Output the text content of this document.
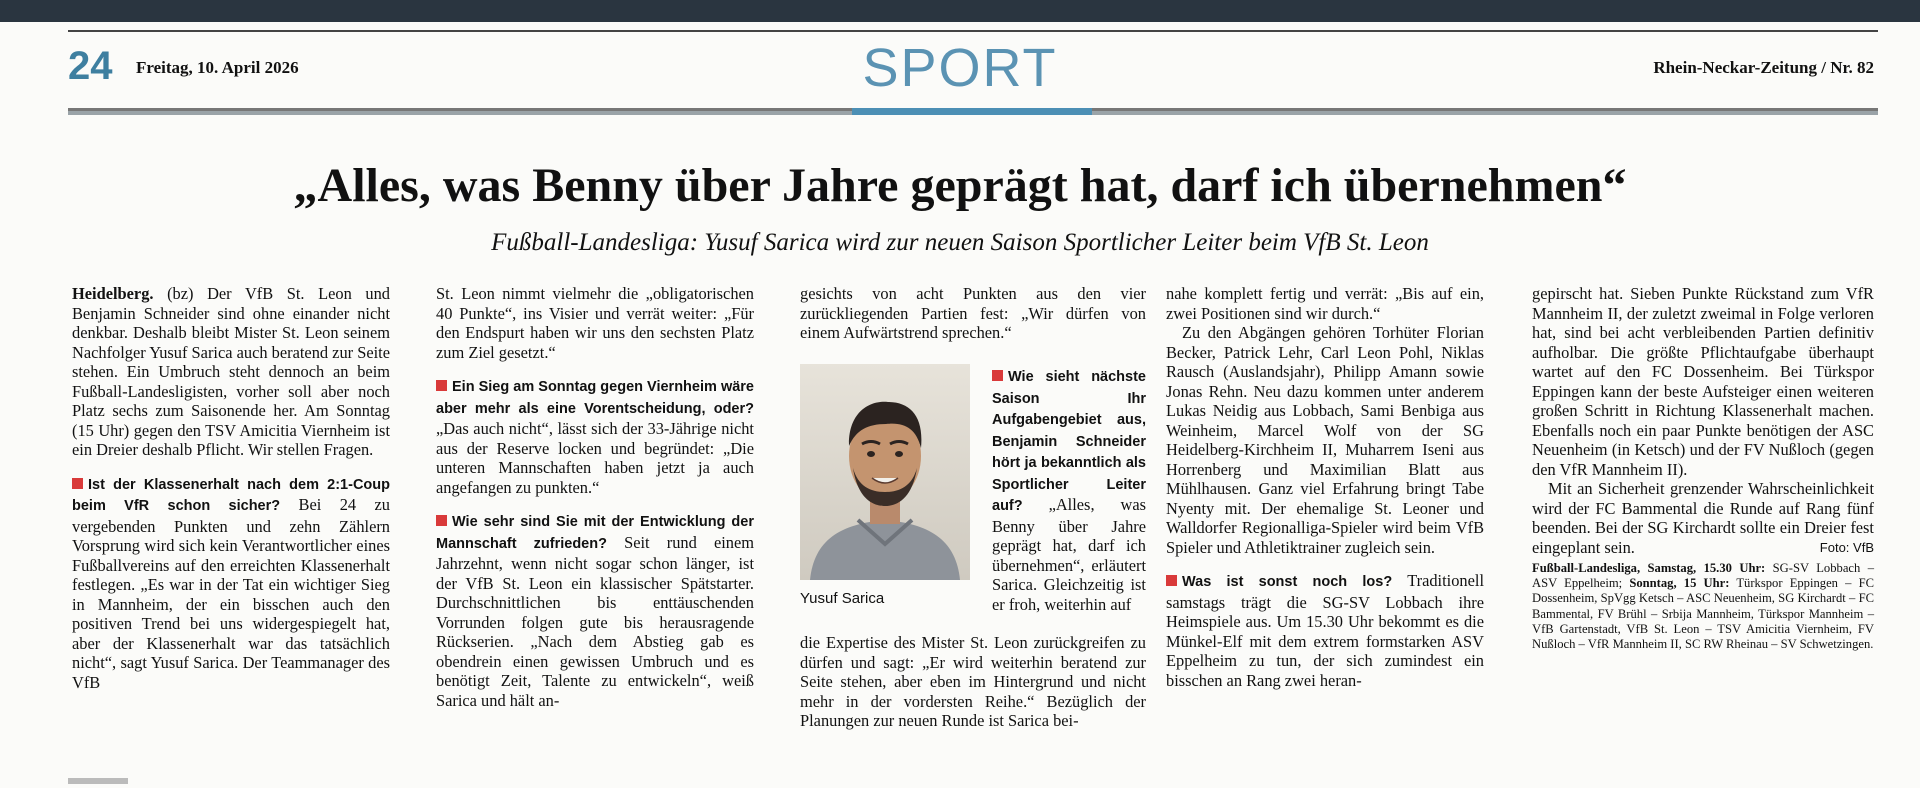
24 Freitag, 10. April 2026	SPORT	Rhein-Neckar-Zeitung / Nr. 82
„Alles, was Benny über Jahre geprägt hat, darf ich übernehmen“
Fußball-Landesliga: Yusuf Sarica wird zur neuen Saison Sportlicher Leiter beim VfB St. Leon

Heidelberg. (bz) Der VfB St. Leon und Benjamin Schneider sind ohne einander nicht denkbar. Deshalb bleibt Mister St. Leon seinem Nachfolger Yusuf Sarica auch beratend zur Seite stehen. Ein Umbruch steht dennoch an beim Fußball-Landesligisten, vorher soll aber noch Platz sechs zum Saisonende her. Am Sonntag (15 Uhr) gegen den TSV Amicitia Viernheim ist ein Dreier deshalb Pflicht. Wir stellen Fragen.

Ist der Klassenerhalt nach dem 2:1-Coup beim VfR schon sicher? Bei 24 zu vergebenden Punkten und zehn Zählern Vorsprung wird sich kein Verantwortlicher eines Fußballvereins auf den erreichten Klassenerhalt festlegen. „Es war in der Tat ein wichtiger Sieg in Mannheim, der ein bisschen auch den positiven Trend bei uns widergespiegelt hat, aber der Klassenerhalt war das tatsächlich nicht“, sagt Yusuf Sarica. Der Teammanager des VfB

St. Leon nimmt vielmehr die „obligatorischen 40 Punkte“, ins Visier und verrät weiter: „Für den Endspurt haben wir uns den sechsten Platz zum Ziel gesetzt.“

Ein Sieg am Sonntag gegen Viernheim wäre aber mehr als eine Vorentscheidung, oder? „Das auch nicht“, lässt sich der 33-Jährige nicht aus der Reserve locken und begründet: „Die unteren Mannschaften haben jetzt ja auch angefangen zu punkten.“

Wie sehr sind Sie mit der Entwicklung der Mannschaft zufrieden? Seit rund einem Jahrzehnt, wenn nicht sogar schon länger, ist der VfB St. Leon ein klassischer Spätstarter. Durchschnittlichen bis enttäuschenden Vorrunden folgen gute bis herausragende Rückserien. „Nach dem Abstieg gab es obendrein einen gewissen Umbruch und es benötigt Zeit, Talente zu entwickeln“, weiß Sarica und hält an-

gesichts von acht Punkten aus den vier zurückliegenden Partien fest: „Wir dürfen von einem Aufwärtstrend sprechen.“

Yusuf Sarica

Wie sieht nächste Saison Ihr Aufgabengebiet aus, Benjamin Schneider hört ja bekanntlich als Sportlicher Leiter auf? „Alles, was Benny über Jahre geprägt hat, darf ich übernehmen“, erläutert Sarica. Gleichzeitig ist er froh, weiterhin auf

die Expertise des Mister St. Leon zurückgreifen zu dürfen und sagt: „Er wird weiterhin beratend zur Seite stehen, aber eben im Hintergrund und nicht mehr in der vordersten Reihe.“ Bezüglich der Planungen zur neuen Runde ist Sarica bei-

nahe komplett fertig und verrät: „Bis auf ein, zwei Positionen sind wir durch.“

Zu den Abgängen gehören Torhüter Florian Becker, Patrick Lehr, Carl Leon Pohl, Niklas Rausch (Auslandsjahr), Philipp Amann sowie Jonas Rehn. Neu dazu kommen unter anderem Lukas Neidig aus Lobbach, Sami Benbiga aus Weinheim, Marcel Wolf von der SG Heidelberg-Kirchheim II, Muharrem Iseni aus Horrenberg und Maximilian Blatt aus Mühlhausen. Ganz viel Erfahrung bringt Tabe Nyenty mit. Der ehemalige St. Leoner und Walldorfer Regionalliga-Spieler wird beim VfB Spieler und Athletiktrainer zugleich sein.

Was ist sonst noch los? Traditionell samstags trägt die SG-SV Lobbach ihre Heimspiele aus. Um 15.30 Uhr bekommt es die Münkel-Elf mit dem extrem formstarken ASV Eppelheim zu tun, der sich zumindest ein bisschen an Rang zwei heran-

gepirscht hat. Sieben Punkte Rückstand zum VfR Mannheim II, der zuletzt zweimal in Folge verloren hat, sind bei acht verbleibenden Partien definitiv aufholbar. Die größte Pflichtaufgabe überhaupt wartet auf den FC Dossenheim. Bei Türkspor Eppingen kann der beste Aufsteiger einen weiteren großen Schritt in Richtung Klassenerhalt machen. Ebenfalls noch ein paar Punkte benötigen der ASC Neuenheim (in Ketsch) und der FV Nußloch (gegen den VfR Mannheim II).

Mit an Sicherheit grenzender Wahrscheinlichkeit wird der FC Bammental die Runde auf Rang fünf beenden. Bei der SG Kirchardt sollte ein Dreier fest eingeplant sein.	Foto: VfB

Fußball-Landesliga, Samstag, 15.30 Uhr: SG-SV Lobbach – ASV Eppelheim; Sonntag, 15 Uhr: Türkspor Eppingen – FC Dossenheim, SpVgg Ketsch – ASC Neuenheim, SG Kirchardt – FC Bammental, FV Brühl – Srbija Mannheim, Türkspor Mannheim – VfB Gartenstadt, VfB St. Leon – TSV Amicitia Viernheim, FV Nußloch – VfR Mannheim II, SC RW Rheinau – SV Schwetzingen.
